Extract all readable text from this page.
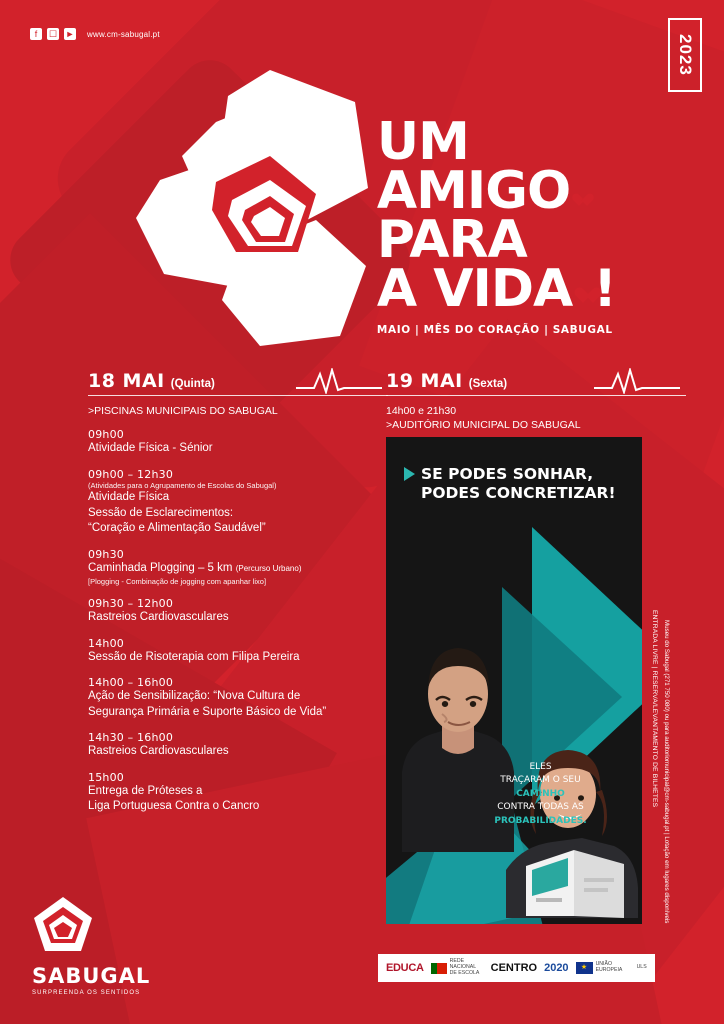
f	☐ ► www.cm-sabugal.pt	2023
UM
AMIGO
PARA
A VIDA !
MAIO | MÊS DO CORAÇÃO | SABUGAL
18 MAI (Quinta)
>PISCINAS MUNICIPAIS DO SABUGAL
09h00
Atividade Física - Sénior
09h00 – 12h30
(Atividades para o Agrupamento de Escolas do Sabugal)
Atividade Física
Sessão de Esclarecimentos:
“Coração e Alimentação Saudável”
09h30
Caminhada Plogging – 5 km (Percurso Urbano)
[Plogging - Combinação de jogging com apanhar lixo]
09h30 – 12h00
Rastreios Cardiovasculares
14h00
Sessão de Risoterapia com Filipa Pereira
14h00 – 16h00
Ação de Sensibilização: “Nova Cultura de
Segurança Primária e Suporte Básico de Vida”
14h30 – 16h00
Rastreios Cardiovasculares
15h00
Entrega de Próteses a
Liga Portuguesa Contra o Cancro
19 MAI (Sexta)
14h00 e 21h30
>AUDITÓRIO MUNICIPAL DO SABUGAL
SE PODES SONHAR,
PODES CONCRETIZAR!
ELES
TRAÇARAM O SEU
CAMINHO
CONTRA TODAS AS
PROBABILIDADES.
ENTRADA LIVRE | RESERVA/LEVANTAMENTO DE BILHETES Museu do Sabugal (271 750 080) ou para auditoriomunicipal@cm-sabugal.pt | Lotação em lugares disponíveis
SABUGAL
SURPREENDA OS SENTIDOS
EDUCA
REDE NACIONAL DE ESCOLA	CENTRO 2020 ★	UNIÃO EUROPEIA	ULS
